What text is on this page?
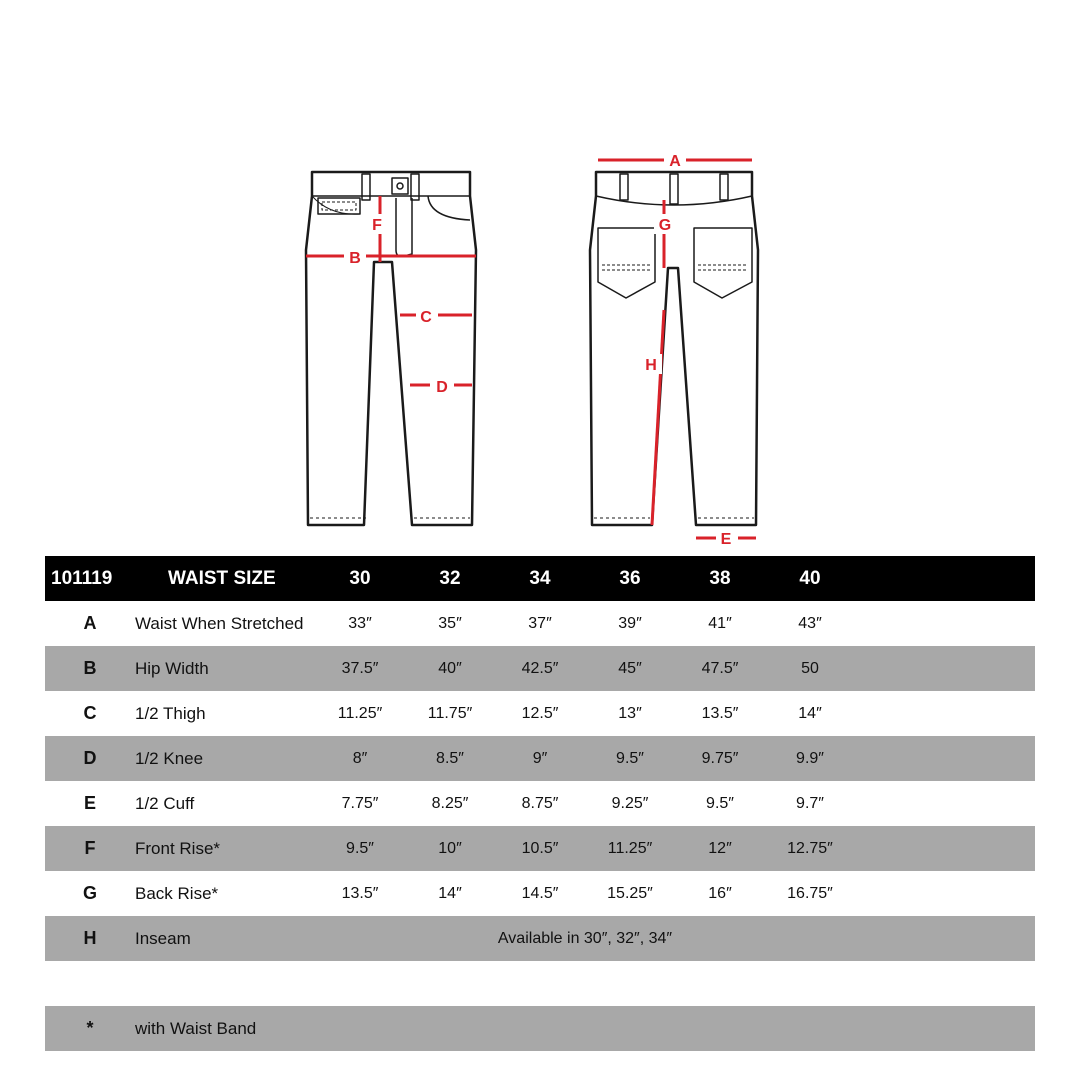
F
B
C
D
A
G
H
E
101119	WAIST SIZE	30	32	34	36	38	40
A	Waist When Stretched	33″	35″	37″	39″	41″	43″
B	Hip Width	37.5″	40″	42.5″	45″	47.5″	50
C	1/2 Thigh	11.25″	11.75″	12.5″	13″	13.5″	14″
D	1/2 Knee	8″	8.5″	9″	9.5″	9.75″	9.9″
E	1/2 Cuff	7.75″	8.25″	8.75″	9.25″	9.5″	9.7″
F	Front Rise*	9.5″	10″	10.5″	11.25″	12″	12.75″
G	Back Rise*	13.5″	14″	14.5″	15.25″	16″	16.75″
H	Inseam	Available in 30″, 32″, 34″
*	with Waist Band
